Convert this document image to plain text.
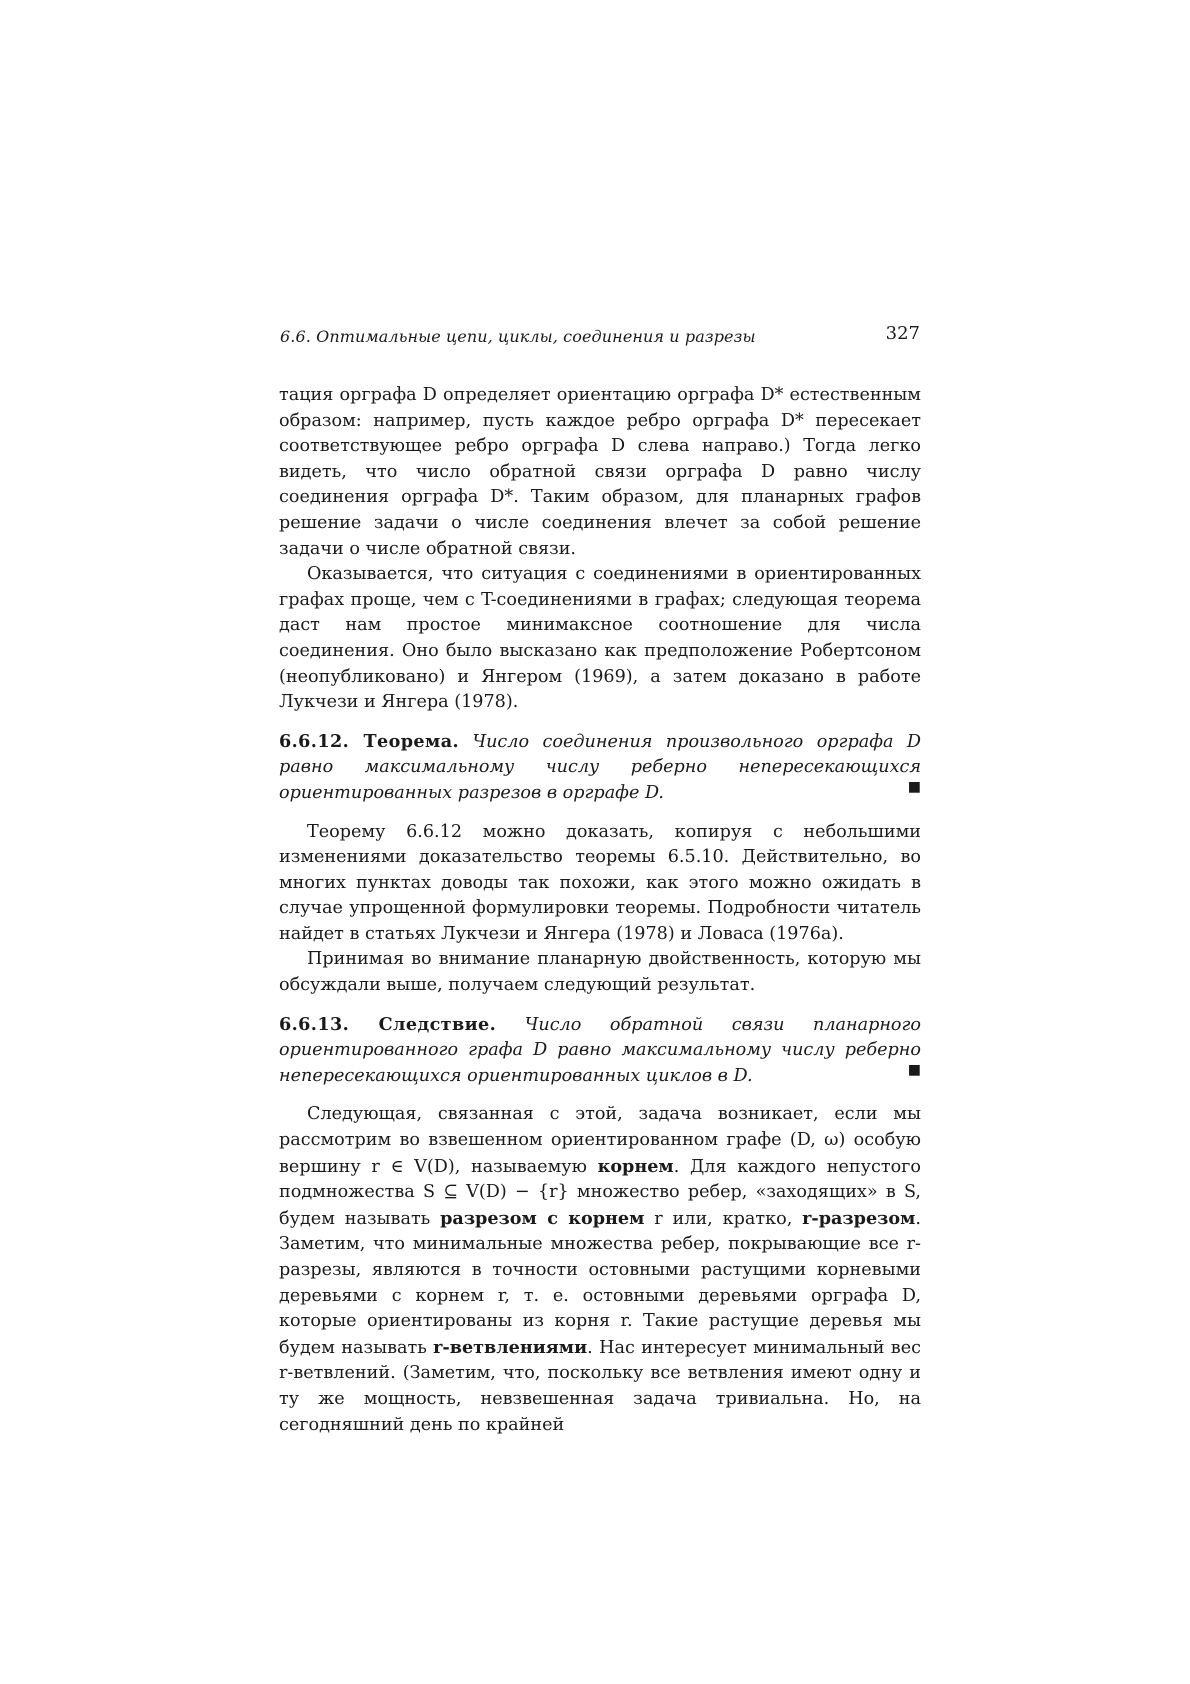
6.6. Оптимальные цепи, циклы, соединения и разрезы	327

тация орграфа D определяет ориентацию орграфа D* естественным образом: например, пусть каждое ребро орграфа D* пересекает соответствующее ребро орграфа D слева направо.) Тогда легко видеть, что число обратной связи орграфа D равно числу соединения орграфа D*. Таким образом, для планарных графов решение задачи о числе соединения влечет за собой решение задачи о числе обратной связи.

Оказывается, что ситуация с соединениями в ориентированных графах проще, чем с T-соединениями в графах; следующая теорема даст нам простое минимаксное соотношение для числа соединения. Оно было высказано как предположение Робертсоном (неопубликовано) и Янгером (1969), а затем доказано в работе Лукчези и Янгера (1978).

6.6.12. Теорема. Число соединения произвольного орграфа D равно максимальному числу реберно непересекающихся ориентированных разрезов в орграфе D.	■

Теорему 6.6.12 можно доказать, копируя с небольшими изменениями доказательство теоремы 6.5.10. Действительно, во многих пунктах доводы так похожи, как этого можно ожидать в случае упрощенной формулировки теоремы. Подробности читатель найдет в статьях Лукчези и Янгера (1978) и Ловаса (1976a).

Принимая во внимание планарную двойственность, которую мы обсуждали выше, получаем следующий результат.

6.6.13. Следствие. Число обратной связи планарного ориентированного графа D равно максимальному числу реберно непересекающихся ориентированных циклов в D.	■

Следующая, связанная с этой, задача возникает, если мы рассмотрим во взвешенном ориентированном графе (D, ω) особую вершину r ∈ V(D), называемую корнем. Для каждого непустого подмножества S ⊆ V(D) − {r} множество ребер, «заходящих» в S, будем называть разрезом с корнем r или, кратко, r-разрезом. Заметим, что минимальные множества ребер, покрывающие все r-разрезы, являются в точности остовными растущими корневыми деревьями с корнем r, т. е. остовными деревьями орграфа D, которые ориентированы из корня r. Такие растущие деревья мы будем называть r-ветвлениями. Нас интересует минимальный вес r-ветвлений. (Заметим, что, поскольку все ветвления имеют одну и ту же мощность, невзвешенная задача тривиальна. Но, на сегодняшний день по крайней
